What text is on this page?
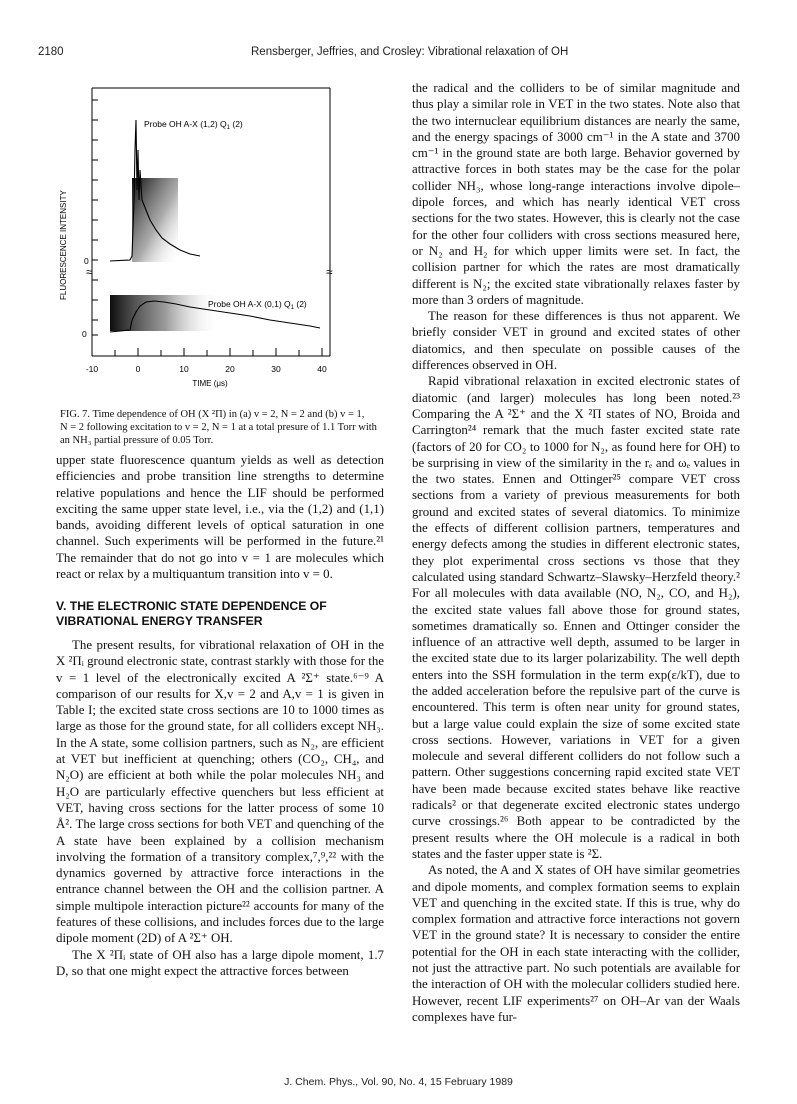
2180	Rensberger, Jeffries, and Crosley: Vibrational relaxation of OH
≈	≈
Probe OH A-X (1,2) $Q_1$ (2)
Probe OH A-X (0,1) $Q_1$ (2)
FLUORESCENCE INTENSITY 0
0
-10	0	10	20	30	40
TIME (μs)
FIG. 7. Time dependence of OH (X ²Π) in (a) v = 2, N = 2 and (b) v = 1,
N = 2 following excitation to v = 2, N = 1 at a total presure of 1.1 Torr with
an NH₃ partial pressure of 0.05 Torr.

upper state fluorescence quantum yields as well as detection efficiencies and probe transition line strengths to determine relative populations and hence the LIF should be performed exciting the same upper state level, i.e., via the (1,2) and (1,1) bands, avoiding different levels of optical saturation in one channel. Such experiments will be performed in the future.²¹ The remainder that do not go into v = 1 are molecules which react or relax by a multiquantum transition into v = 0.

V. THE ELECTRONIC STATE DEPENDENCE OF
VIBRATIONAL ENERGY TRANSFER

The present results, for vibrational relaxation of OH in the X ²Πᵢ ground electronic state, contrast starkly with those for the v = 1 level of the electronically excited A ²Σ⁺ state.⁶⁻⁹ A comparison of our results for X,v = 2 and A,v = 1 is given in Table I; the excited state cross sections are 10 to 1000 times as large as those for the ground state, for all colliders except NH₃. In the A state, some collision partners, such as N₂, are efficient at VET but inefficient at quenching; others (CO₂, CH₄, and N₂O) are efficient at both while the polar molecules NH₃ and H₂O are particularly effective quenchers but less efficient at VET, having cross sections for the latter process of some 10 Å². The large cross sections for both VET and quenching of the A state have been explained by a collision mechanism involving the formation of a transitory complex,⁷,⁹,²² with the dynamics governed by attractive force interactions in the entrance channel between the OH and the collision partner. A simple multipole interaction picture²² accounts for many of the features of these collisions, and includes forces due to the large dipole moment (2D) of A ²Σ⁺ OH.

The X ²Πᵢ state of OH also has a large dipole moment, 1.7 D, so that one might expect the attractive forces between

the radical and the colliders to be of similar magnitude and thus play a similar role in VET in the two states. Note also that the two internuclear equilibrium distances are nearly the same, and the energy spacings of 3000 cm⁻¹ in the A state and 3700 cm⁻¹ in the ground state are both large. Behavior governed by attractive forces in both states may be the case for the polar collider NH₃, whose long-range interactions involve dipole–dipole forces, and which has nearly identical VET cross sections for the two states. However, this is clearly not the case for the other four colliders with cross sections measured here, or N₂ and H₂ for which upper limits were set. In fact, the collision partner for which the rates are most dramatically different is N₂; the excited state vibrationally relaxes faster by more than 3 orders of magnitude.

The reason for these differences is thus not apparent. We briefly consider VET in ground and excited states of other diatomics, and then speculate on possible causes of the differences observed in OH.

Rapid vibrational relaxation in excited electronic states of diatomic (and larger) molecules has long been noted.²³ Comparing the A ²Σ⁺ and the X ²Π states of NO, Broida and Carrington²⁴ remark that the much faster excited state rate (factors of 20 for CO₂ to 1000 for N₂, as found here for OH) to be surprising in view of the similarity in the rₑ and ωₑ values in the two states. Ennen and Ottinger²⁵ compare VET cross sections from a variety of previous measurements for both ground and excited states of several diatomics. To minimize the effects of different collision partners, temperatures and energy defects among the studies in different electronic states, they plot experimental cross sections vs those that they calculated using standard Schwartz–Slawsky–Herzfeld theory.² For all molecules with data available (NO, N₂, CO, and H₂), the excited state values fall above those for ground states, sometimes dramatically so. Ennen and Ottinger consider the influence of an attractive well depth, assumed to be larger in the excited state due to its larger polarizability. The well depth enters into the SSH formulation in the term exp(ε/kT), due to the added acceleration before the repulsive part of the curve is encountered. This term is often near unity for ground states, but a large value could explain the size of some excited state cross sections. However, variations in VET for a given molecule and several different colliders do not follow such a pattern. Other suggestions concerning rapid excited state VET have been made because excited states behave like reactive radicals² or that degenerate excited electronic states undergo curve crossings.²⁶ Both appear to be contradicted by the present results where the OH molecule is a radical in both states and the faster upper state is ²Σ.

As noted, the A and X states of OH have similar geometries and dipole moments, and complex formation seems to explain VET and quenching in the excited state. If this is true, why do complex formation and attractive force interactions not govern VET in the ground state? It is necessary to consider the entire potential for the OH in each state interacting with the collider, not just the attractive part. No such potentials are available for the interaction of OH with the molecular colliders studied here. However, recent LIF experiments²⁷ on OH–Ar van der Waals complexes have fur-

J. Chem. Phys., Vol. 90, No. 4, 15 February 1989
